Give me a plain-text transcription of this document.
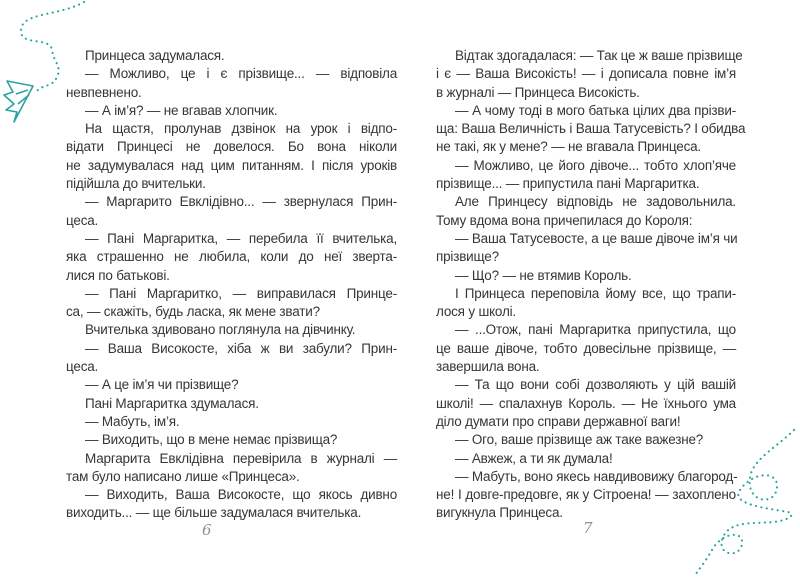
Принцеса задумалася.
— Можливо, це і є прізвище... — відповіла
невпевнено.
— А ім’я? — не вгавав хлопчик.
На щастя, пролунав дзвінок на урок і відпо-
відати Принцесі не довелося. Бо вона ніколи
не задумувалася над цим питанням. І після уроків
підійшла до вчительки.
— Маргарито Евклідівно... — звернулася Прин-
цеса.
— Пані Маргаритка, — перебила її вчителька,
яка страшенно не любила, коли до неї зверта-
лися по батькові.
— Пані Маргаритко, — виправилася Принце-
са, — скажіть, будь ласка, як мене звати?
Вчителька здивовано поглянула на дівчинку.
— Ваша Високосте, хіба ж ви забули? Прин-
цеса.
— А це ім’я чи прізвище?
Пані Маргаритка здумалася.
— Мабуть, ім’я.
— Виходить, що в мене немає прізвища?
Маргарита Евклідівна перевірила в журналі —
там було написано лише «Принцеса».
— Виходить, Ваша Високосте, що якось дивно
виходить... — ще більше задумалася вчителька.
6
Відтак здогадалася: — Так це ж ваше прізвище
і є — Ваша Високість! — і дописала повне ім’я
в журналі — Принцеса Високість.
— А чому тоді в мого батька цілих два прізви-
ща: Ваша Величність і Ваша Татусевість? І обидва
не такі, як у мене? — не вгавала Принцеса.
— Можливо, це його дівоче... тобто хлоп’яче
прізвище... — припустила пані Маргаритка.
Але Принцесу відповідь не задовольнила.
Тому вдома вона причепилася до Короля:
— Ваша Татусевосте, а це ваше дівоче ім’я чи
прізвище?
— Що? — не втямив Король.
І Принцеса переповіла йому все, що трапи-
лося у школі.
— ...Отож, пані Маргаритка припустила, що
це ваше дівоче, тобто довесільне прізвище, —
завершила вона.
— Та що вони собі дозволяють у цій вашій
школі! — спалахнув Король. — Не їхнього ума
діло думати про справи державної ваги!
— Ого, ваше прізвище аж таке важезне?
— Авжеж, а ти як думала!
— Мабуть, воно якесь навдивовижу благород-
не! І довге-предовге, як у Сітроена! — захоплено
вигукнула Принцеса.
7
